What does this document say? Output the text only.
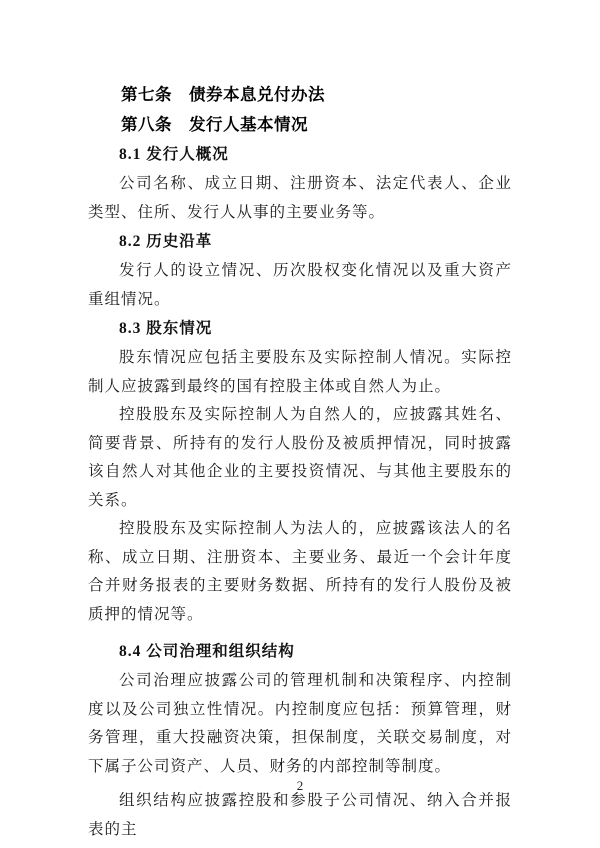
第七条　债券本息兑付办法

第八条　发行人基本情况

8.1 发行人概况

公司名称、成立日期、注册资本、法定代表人、企业类型、住所、发行人从事的主要业务等。

8.2 历史沿革

发行人的设立情况、历次股权变化情况以及重大资产重组情况。

8.3 股东情况

股东情况应包括主要股东及实际控制人情况。实际控制人应披露到最终的国有控股主体或自然人为止。

控股股东及实际控制人为自然人的，应披露其姓名、简要背景、所持有的发行人股份及被质押情况，同时披露该自然人对其他企业的主要投资情况、与其他主要股东的关系。

控股股东及实际控制人为法人的，应披露该法人的名称、成立日期、注册资本、主要业务、最近一个会计年度合并财务报表的主要财务数据、所持有的发行人股份及被质押的情况等。

8.4 公司治理和组织结构

公司治理应披露公司的管理机制和决策程序、内控制度以及公司独立性情况。内控制度应包括：预算管理，财务管理，重大投融资决策，担保制度，关联交易制度，对下属子公司资产、人员、财务的内部控制等制度。

组织结构应披露控股和参股子公司情况、纳入合并报表的主

2
